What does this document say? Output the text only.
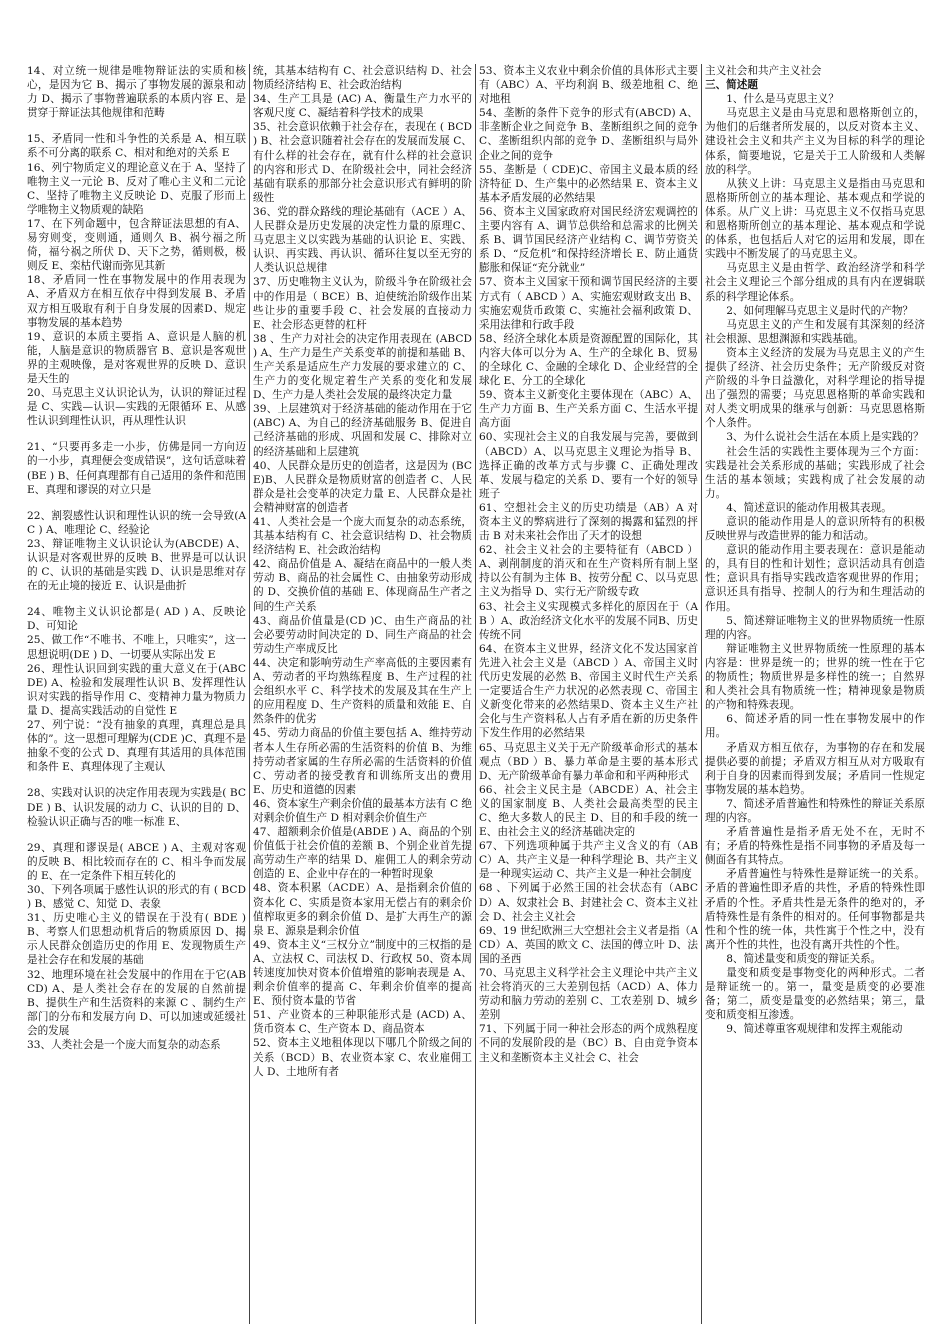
14、对立统一规律是唯物辩证法的实质和核心，是因为它 B、揭示了事物发展的源泉和动力 D、揭示了事物普遍联系的本质内容 E、是贯穿于辩证法其他规律和范畴

15、矛盾同一性和斗争性的关系是 A、相互联系不可分离的联系 C、相对和绝对的关系 E

16、列宁物质定义的理论意义在于 A、坚持了唯物主义一元论 B、反对了唯心主义和二元论 C、坚持了唯物主义反映论 D、克服了形而上学唯物主义物质观的缺陷

17、在下列命题中，包含辩证法思想的有A、易穷则变，变则通，通则久 B、祸兮福之所倚，福兮祸之所伏 D、天下之势，循则极，极则反 E、栾枯代谢而弥见其新

18、矛盾同一性在事物发展中的作用表现为 A、矛盾双方在相互依存中得到发展 B、矛盾双方相互吸取有利于自身发展的因素D、规定事物发展的基本趋势

19、意识的本质主要指 A、意识是人脑的机能，人脑是意识的物质器官 B、意识是客观世界的主观映像，是对客观世界的反映 D、意识是天生的

20、马克思主义认识论认为，认识的辩证过程是 C、实践—认识—实践的无限循环 E、从感性认识到理性认识，再从理性认识

21、“只要再多走一小步，仿佛是同一方向迈的一小步，真理便会变成错误”，这句话意味着(BE ) B、任何真理都有自己适用的条件和范围 E、真理和谬误的对立只是

22、割裂感性认识和理性认识的统一会导致(AC ) A、唯理论 C、经验论

23、辩证唯物主义认识论认为(ABCDE) A、认识是对客观世界的反映 B、世界是可以认识的 C、认识的基础是实践 D、认识是思维对存在的无止境的接近 E、认识是曲折

24、唯物主义认识论都是( AD ) A、反映论 D、可知论

25、做工作“不唯书、不唯上，只唯实”，这一思想说明(DE ) D、一切要从实际出发 E

26、理性认识回到实践的重大意义在于(ABCDE) A、检验和发展理性认识 B、发挥理性认识对实践的指导作用 C、变精神力量为物质力量 D、提高实践活动的自觉性 E

27、列宁说：“没有抽象的真理，真理总是具体的”。这一思想可理解为(CDE )C、真理不是抽象不变的公式 D、真理有其适用的具体范围和条件 E、真理体现了主观认

28、实践对认识的决定作用表现为实践是( BCDE ) B、认识发展的动力 C、认识的目的 D、检验认识正确与否的唯一标准 E、

29、真理和谬误是( ABCE ) A、主观对客观的反映 B、相比较而存在的 C、相斗争而发展的 E、在一定条件下相互转化的

30、下列各项属于感性认识的形式的有 ( BCD ) B、感觉 C、知觉 D、表象

31、历史唯心主义的错误在于没有( BDE ) B、考察人们思想动机背后的物质原因 D、揭示人民群众创造历史的作用 E、发现物质生产是社会存在和发展的基础

32、地理环境在社会发展中的作用在于它(ABCD) A、是人类社会存在的发展的自然前提 B、提供生产和生活资料的来源 C 、制约生产部门的分布和发展方向 D、可以加速或延缓社会的发展

33、人类社会是一个庞大而复杂的动态系

统，其基本结构有 C、社会意识结构 D、社会物质经济结构 E、社会政治结构

34、生产工具是 (AC) A、衡量生产力水平的客观尺度 C、凝结着科学技术的成果

35、社会意识依赖于社会存在，表现在 ( BCD ) B、社会意识随着社会存在的发展而发展 C、有什么样的社会存在，就有什么样的社会意识的内容和形式 D、在阶级社会中，同社会经济基础有联系的那部分社会意识形式有鲜明的阶级性

36、党的群众路线的理论基础有（ACE ）A、人民群众是历史发展的决定性力量的原理C、马克思主义以实践为基础的认识论 E、实践、认识、再实践、再认识、循环往复以至无穷的人类认识总规律

37、历史唯物主义认为，阶级斗争在阶级社会中的作用是（ BCE）B、迫使统治阶级作出某些让步的重要手段 C、社会发展的直接动力 E、社会形态更替的杠杆

38 、生产力对社会的决定作用表现在 (ABCD ) A、生产力是生产关系变革的前提和基础 B、生产关系是适应生产力发展的要求建立的 C、生产力的变化规定着生产关系的变化和发展 D、生产力是人类社会发展的最终决定力量

39、上层建筑对于经济基础的能动作用在于它 (ABC) A、为自己的经济基础服务 B、促进自己经济基础的形成、巩固和发展 C、排除对立的经济基础和上层建筑

40、人民群众是历史的创造者，这是因为 (BCE)B、人民群众是物质财富的创造者 C、人民群众是社会变革的决定力量 E、人民群众是社会精神财富的创造者

41、人类社会是一个庞大而复杂的动态系统，其基本结构有 C、社会意识结构 D、社会物质经济结构 E、社会政治结构

42、商品价值是 A、凝结在商品中的一般人类劳动 B、商品的社会属性 C、由抽象劳动形成的 D、交换价值的基础 E、体现商品生产者之间的生产关系

43、商品价值量是(CD )C、由生产商品的社会必要劳动时间决定的 D、同生产商品的社会劳动生产率成反比

44、决定和影响劳动生产率高低的主要因素有 A、劳动者的平均熟练程度 B、生产过程的社会组织水平 C、科学技术的发展及其在生产上的应用程度 D、生产资料的质量和效能 E、自然条件的优劣

45、劳动力商品的价值主要包括 A、维持劳动者本人生存所必需的生活资料的价值 B、为维持劳动者家属的生存所必需的生活资料的价值 C、劳动者的接受教育和训练所支出的费用 E、历史和道德的因素

46、资本家生产剩余价值的最基本方法有 C 绝对剩余价值生产 D 相对剩余价值生产

47、超额剩余价值是(ABDE ) A、商品的个别价值低于社会价值的差额 B、个别企业首先提高劳动生产率的结果 D、雇佣工人的剩余劳动创造的 E、企业中存在的一种暂时现象

48、资本积累（ACDE）A、是指剩余价值的资本化 C、实质是资本家用无偿占有的剩余价值榨取更多的剩余价值 D、是扩大再生产的源泉 E、源泉是剩余价值

49、资本主义“三权分立”制度中的三权指的是 A、立法权 C、司法权 D、行政权 50、资本周转速度加快对资本价值增殖的影响表现是 A、剩余价值率的提高 C、年剩余价值率的提高 E、预付资本量的节省

51、产业资本的三种职能形式是 (ACD) A、货币资本 C、生产资本 D、商品资本

52、资本主义地租体现以下哪几个阶级之间的关系（BCD）B、农业资本家 C、农业雇佣工人 D、土地所有者

53、资本主义农业中剩余价值的具体形式主要有（ABC）A、平均利润 B、级差地租 C、绝对地租

54、垄断的条件下竞争的形式有(ABCD) A、非垄断企业之间竞争 B、垄断组织之间的竞争 C、垄断组织内部的竞争 D、垄断组织与局外企业之间的竞争

55、垄断是（ CDE)C、帝国主义最本质的经济特征 D、生产集中的必然结果 E、资本主义基本矛盾发展的必然结果

56、资本主义国家政府对国民经济宏观调控的主要内容有 A、调节总供给和总需求的比例关系 B、调节国民经济产业结构 C、调节劳资关系 D、“反危机”和保持经济增长 E、防止通货膨胀和保证“充分就业”

57、资本主义国家干预和调节国民经济的主要方式有（ ABCD ）A、实施宏观财政支出 B、实施宏观货币政策 C、实施社会福利政策 D、采用法律和行政手段

58、经济全球化本质是资源配置的国际化，其内容大体可以分为 A、生产的全球化 B、贸易的全球化 C、金融的全球化 D、企业经营的全球化 E、分工的全球化

59、资本主义新变化主要体现在（ABC）A、生产力方面 B、生产关系方面 C、生活水平提高方面

60、实现社会主义的自我发展与完善，要做到（ABCD）A、以马克思主义理论为指导 B、选择正确的改革方式与步骤 C、正确处理改革、发展与稳定的关系 D、要有一个好的领导班子

61、空想社会主义的历史功绩是（AB）A 对资本主义的弊病进行了深刻的揭露和猛烈的抨击 B 对未来社会作出了天才的设想

62、社会主义社会的主要特征有（ABCD ）A、剥削制度的消灭和在生产资料所有制上坚持以公有制为主体 B、按劳分配 C、以马克思主义为指导 D、实行无产阶级专政

63、社会主义实现模式多样化的原因在于（AB ）A、政治经济文化水平的发展不同B、历史传统不同

64、在资本主义世界，经济文化不发达国家首先进入社会主义是（ABCD ）A、帝国主义时代历史发展的必然 B、帝国主义时代生产关系一定要适合生产力状况的必然表现 C、帝国主义新变化带来的必然结果D、资本主义生产社会化与生产资料私人占有矛盾在新的历史条件下发生作用的必然结果

65、马克思主义关于无产阶级革命形式的基本观点（BD ）B、暴力革命是主要的基本形式 D、无产阶级革命有暴力革命和和平两种形式

66、社会主义民主是（ABCDE）A、社会主义的国家制度 B、人类社会最高类型的民主 C、绝大多数人的民主 D、目的和手段的统一 E、由社会主义的经济基础决定的

67、下列选项种属于共产主义含义的有（ABC）A、共产主义是一种科学理论 B、共产主义是一种现实运动 C、共产主义是一种社会制度

68 、下列属于必然王国的社会状态有（ABCD）A、奴隶社会 B、封建社会 C、资本主义社会 D、社会主义社会

69、19 世纪欧洲三大空想社会主义者是指（ACD）A、英国的欧文 C、法国的傅立叶 D、法国的圣西

70、马克思主义科学社会主义理论中共产主义社会将消灭的三大差别包括（ACD）A、体力劳动和脑力劳动的差别 C、工农差别 D、城乡差别

71、下列属于同一种社会形态的两个成熟程度不同的发展阶段的是（BC）B、自由竞争资本主义和垄断资本主义社会 C、社会

主义社会和共产主义社会

三、简述题

1、什么是马克思主义？

马克思主义是由马克思和恩格斯创立的，为他们的后继者所发展的，以反对资本主义、建设社会主义和共产主义为目标的科学的理论体系，简要地说，它是关于工人阶级和人类解放的科学。

从狭义上讲：马克思主义是指由马克思和恩格斯所创立的基本理论、基本观点和学说的体系。从广义上讲：马克思主义不仅指马克思和恩格斯所创立的基本理论、基本观点和学说的体系，也包括后人对它的运用和发展，即在实践中不断发展了的马克思主义。

马克思主义是由哲学、政治经济学和科学社会主义理论三个部分组成的具有内在逻辑联系的科学理论体系。

2、如何理解马克思主义是时代的产物？

马克思主义的产生和发展有其深刻的经济社会根源、思想渊源和实践基础。

资本主义经济的发展为马克思主义的产生提供了经济、社会历史条件；无产阶级反对资产阶级的斗争日益激化，对科学理论的指导提出了强烈的需要；马克思恩格斯的革命实践和对人类文明成果的继承与创新：马克思恩格斯个人条件。

3、为什么说社会生活在本质上是实践的？

社会生活的实践性主要体现为三个方面：实践是社会关系形成的基础；实践形成了社会生活的基本领域；实践构成了社会发展的动力。

4、简述意识的能动作用极其表现。

意识的能动作用是人的意识所特有的积极反映世界与改造世界的能力和活动。

意识的能动作用主要表现在：意识是能动的，具有目的性和计划性；意识活动具有创造性；意识具有指导实践改造客观世界的作用；意识还具有指导、控制人的行为和生理活动的作用。

5、简述辩证唯物主义的世界物质统一性原理的内容。

辩证唯物主义世界物质统一性原理的基本内容是：世界是统一的；世界的统一性在于它的物质性；物质世界是多样性的统一；自然界和人类社会具有物质统一性；精神现象是物质的产物和特殊表现。

6、简述矛盾的同一性在事物发展中的作用。

矛盾双方相互依存，为事物的存在和发展提供必要的前提；矛盾双方相互从对方吸取有利于自身的因素而得到发展；矛盾同一性规定事物发展的基本趋势。

7、简述矛盾普遍性和特殊性的辩证关系原理的内容。

矛盾普遍性是指矛盾无处不在，无时不有；矛盾的特殊性是指不同事物的矛盾及每一侧面各有其特点。

矛盾普遍性与特殊性是辩证统一的关系。矛盾的普遍性即矛盾的共性，矛盾的特殊性即矛盾的个性。矛盾共性是无条件的绝对的，矛盾特殊性是有条件的相对的。任何事物都是共性和个性的统一体，共性寓于个性之中，没有离开个性的共性，也没有离开共性的个性。

8、简述量变和质变的辩证关系。

量变和质变是事物变化的两种形式。二者是辩证统一的。第一，量变是质变的必要准备；第二，质变是量变的必然结果；第三，量变和质变相互渗透。

9、简述尊重客观规律和发挥主观能动
